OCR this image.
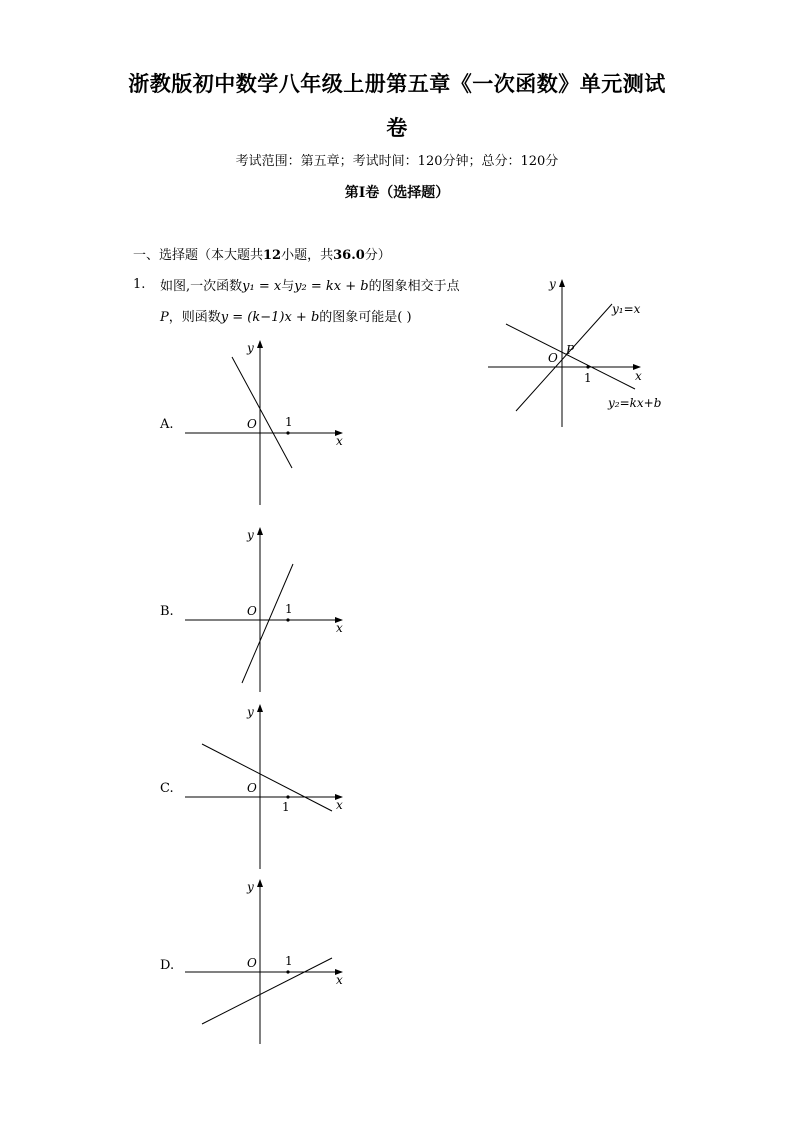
浙教版初中数学八年级上册第五章《一次函数》单元测试
卷
考试范围：第五章；考试时间：120分钟；总分：120分
第I卷（选择题）
一、选择题（本大题共12小题，共36.0分）
1. 如图,一次函数y₁ = x与y₂ = kx + b的图象相交于点
P，则函数y = (k−1)x + b的图象可能是( )
y
x
O
P
1
y₁=x
y₂=kx+b
A.
y
x
O 1
B.
y
x
O 1
C.
y
x
O
1
D.
y
x
O 1
